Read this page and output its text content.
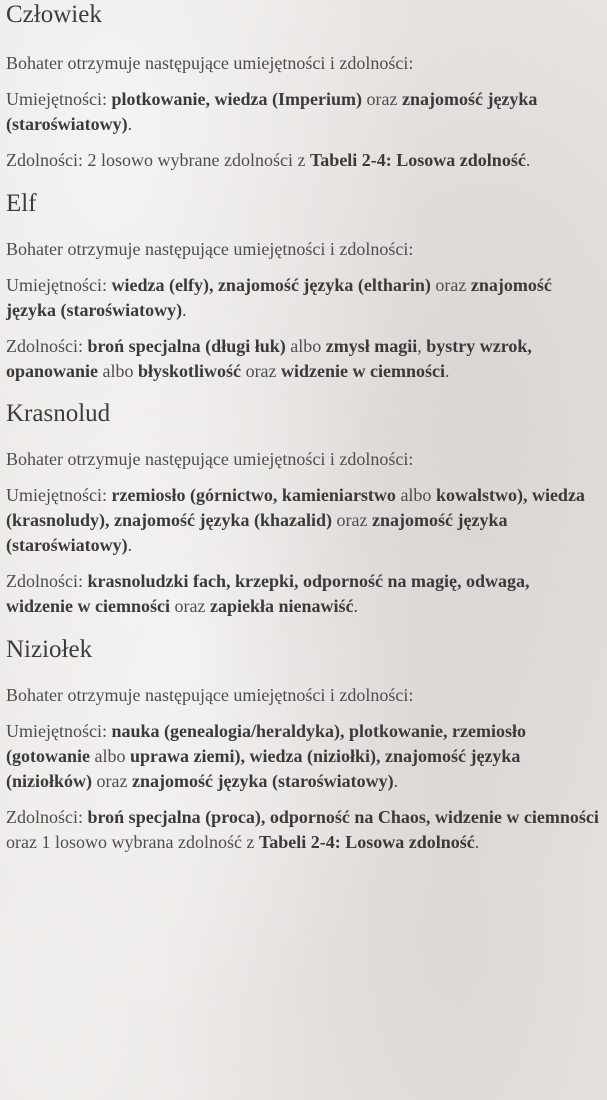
Człowiek

Bohater otrzymuje następujące umiejętności i zdolności:

Umiejętności: plotkowanie, wiedza (Imperium) oraz znajomość języka (staroświatowy).

Zdolności: 2 losowo wybrane zdolności z Tabeli 2-4: Losowa zdolność.

Elf

Bohater otrzymuje następujące umiejętności i zdolności:

Umiejętności: wiedza (elfy), znajomość języka (eltharin) oraz znajomość języka (staroświatowy).

Zdolności: broń specjalna (długi łuk) albo zmysł magii, bystry wzrok, opanowanie albo błyskotliwość oraz widzenie w ciemności.

Krasnolud

Bohater otrzymuje następujące umiejętności i zdolności:

Umiejętności: rzemiosło (górnictwo, kamieniarstwo albo kowalstwo), wiedza (krasnoludy), znajomość języka (khazalid) oraz znajomość języka (staroświatowy).

Zdolności: krasnoludzki fach, krzepki, odporność na magię, odwaga, widzenie w ciemności oraz zapiekła nienawiść.

Niziołek

Bohater otrzymuje następujące umiejętności i zdolności:

Umiejętności: nauka (genealogia/heraldyka), plotkowanie, rzemiosło (gotowanie albo uprawa ziemi), wiedza (niziołki), znajomość języka (niziołków) oraz znajomość języka (staroświatowy).

Zdolności: broń specjalna (proca), odporność na Chaos, widzenie w ciemności oraz 1 losowo wybrana zdolność z Tabeli 2-4: Losowa zdolność.
